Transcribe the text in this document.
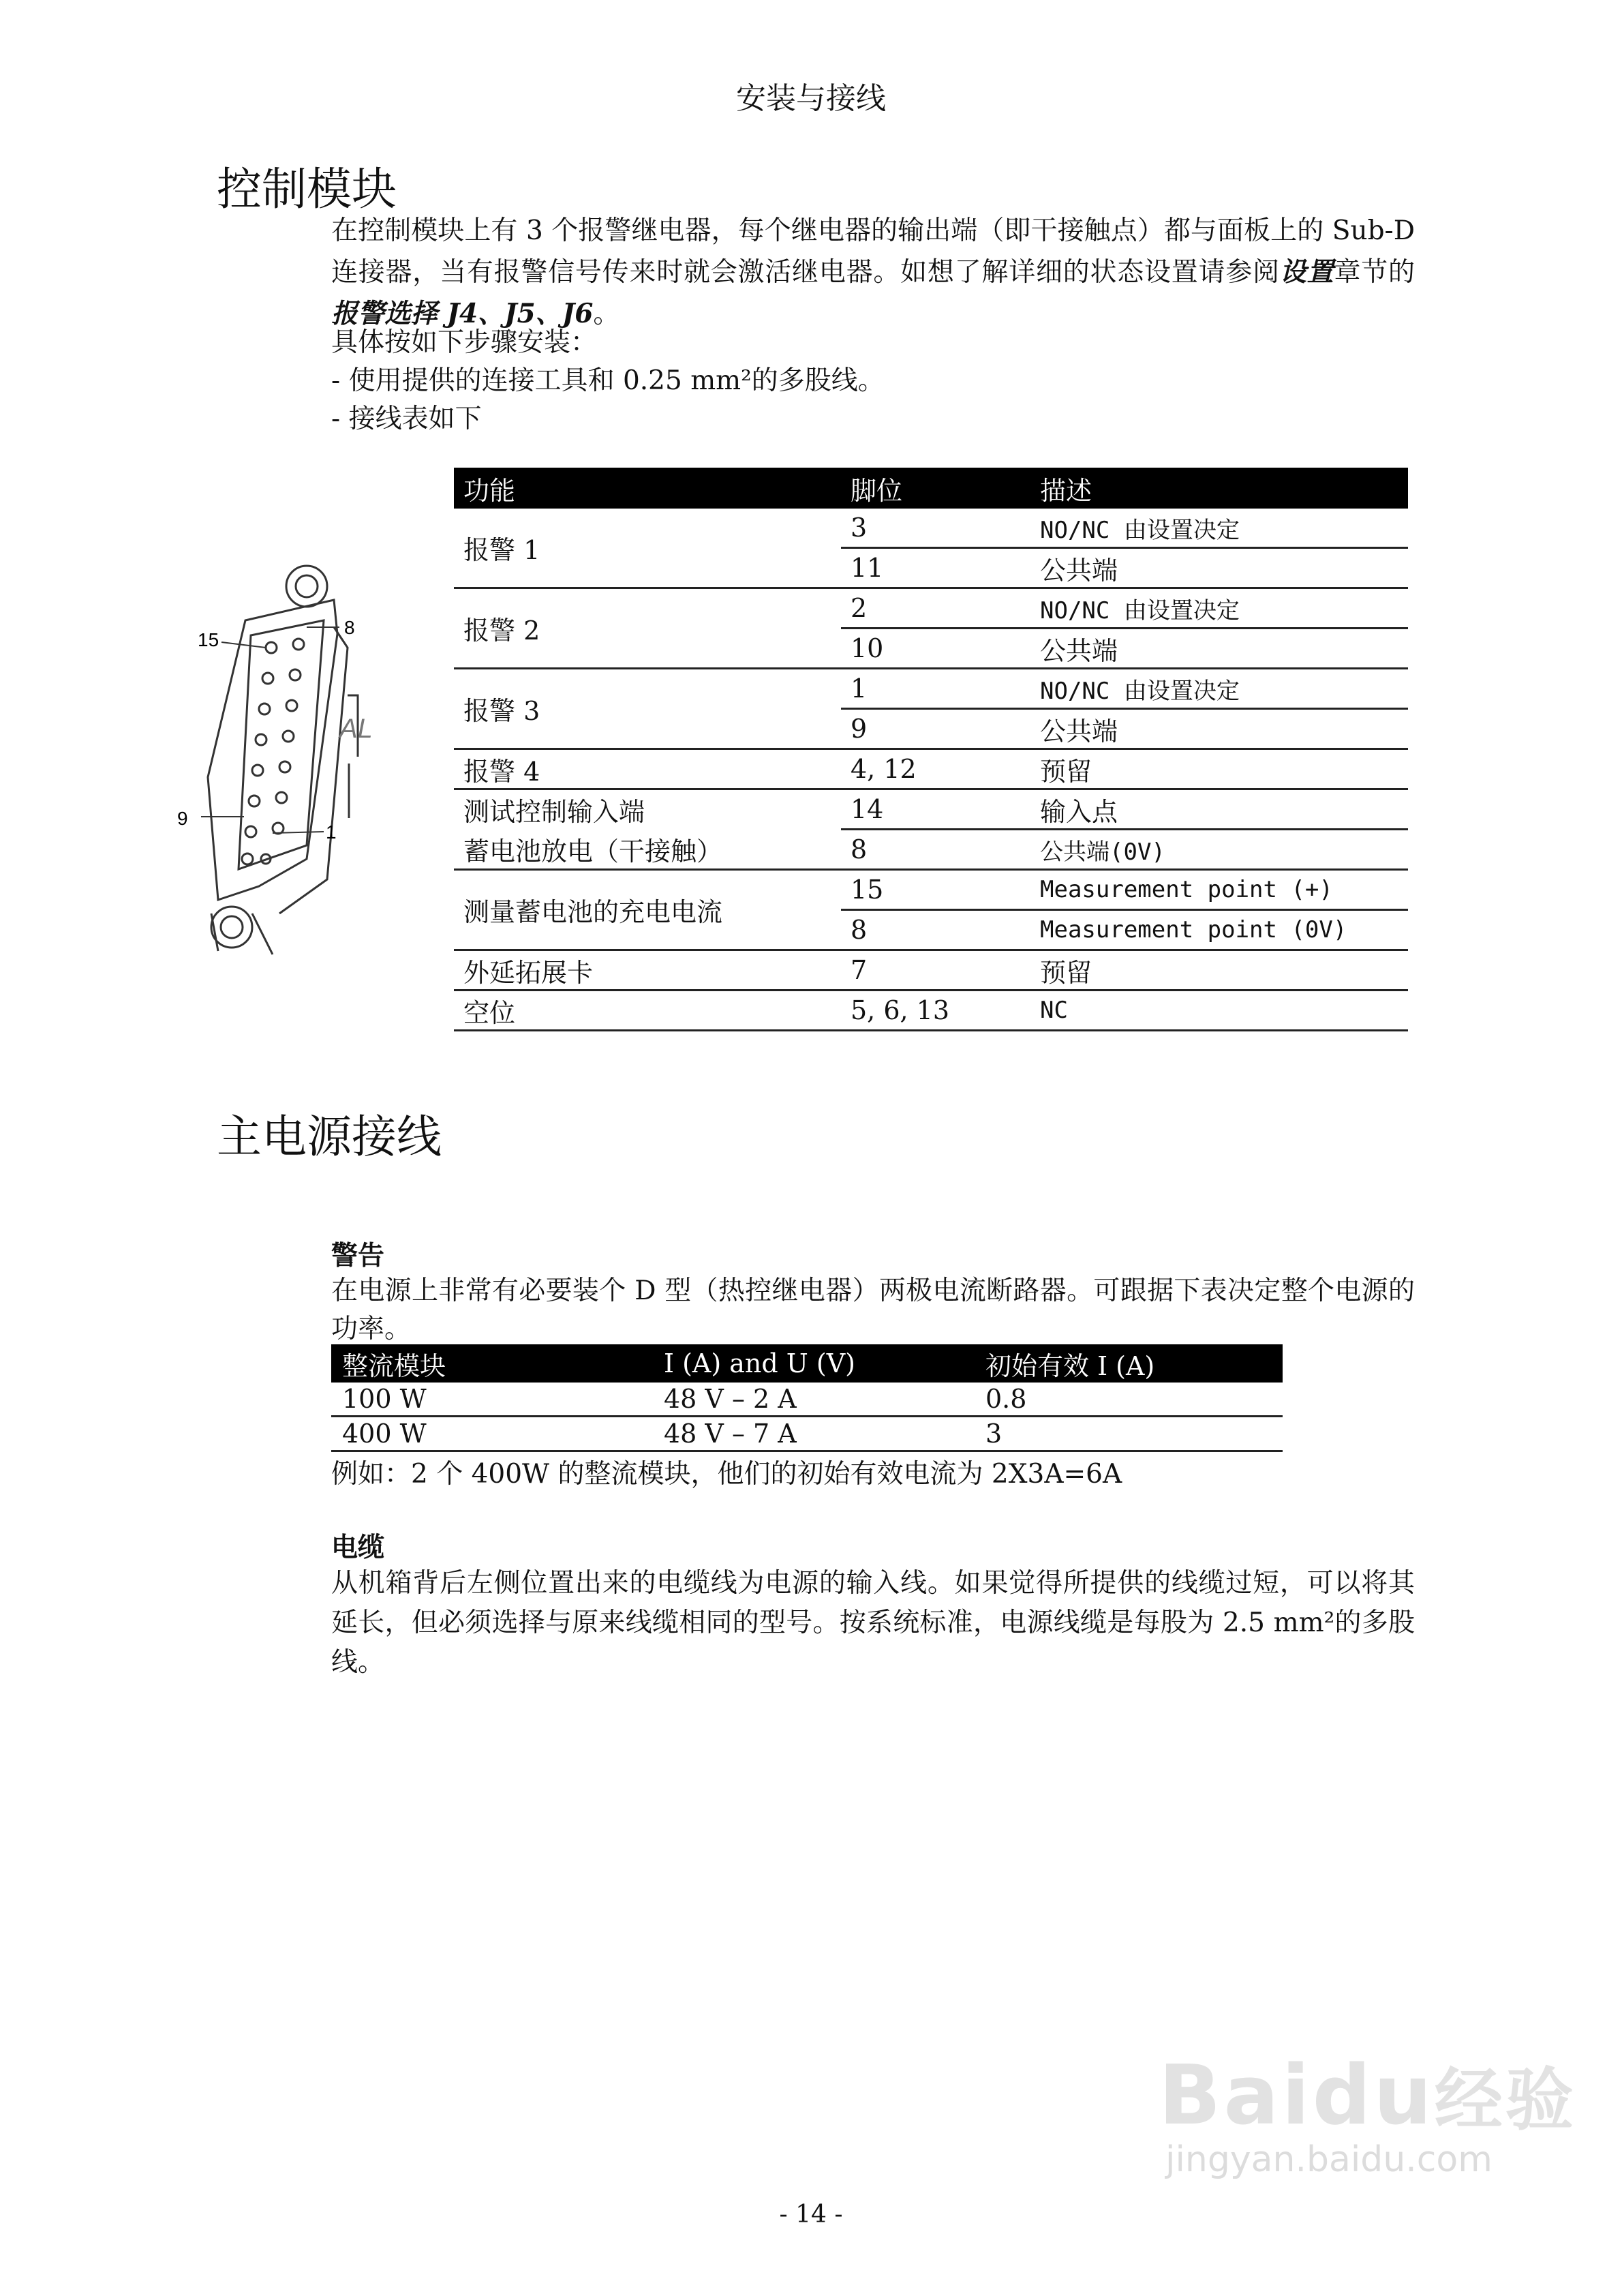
安装与接线
控制模块
在控制模块上有 3 个报警继电器，每个继电器的输出端（即干接触点）都与面板上的 Sub-D 连接器，当有报警信号传来时就会激活继电器。如想了解详细的状态设置请参阅设置章节的报警选择 J4、J5、J6。
具体按如下步骤安装：
- 使用提供的连接工具和 0.25 mm²的多股线。
- 接线表如下
15
8
9
1
AL
功能	脚位	描述
报警 1	3	NO/NC 由设置决定
	11	公共端
报警 2	2	NO/NC 由设置决定
	10	公共端
报警 3	1	NO/NC 由设置决定
	9	公共端
报警 4	4, 12	预留
测试控制输入端	14	输入点
蓄电池放电（干接触）	8	公共端(0V)
测量蓄电池的充电电流	15	Measurement point (+)
	8	Measurement point (0V)
外延拓展卡	7	预留
空位	5, 6, 13	NC
主电源接线
警告
在电源上非常有必要装个 D 型（热控继电器）两极电流断路器。可跟据下表决定整个电源的功率。
整流模块	I (A) and U (V)	初始有效 I (A)
100 W	48 V – 2 A	0.8
400 W	48 V – 7 A	3
例如：2 个 400W 的整流模块，他们的初始有效电流为 2X3A=6A
电缆
从机箱背后左侧位置出来的电缆线为电源的输入线。如果觉得所提供的线缆过短，可以将其延长，但必须选择与原来线缆相同的型号。按系统标准，电源线缆是每股为 2.5 mm²的多股线。
- 14 -
Baidu经验
jingyan.baidu.com
